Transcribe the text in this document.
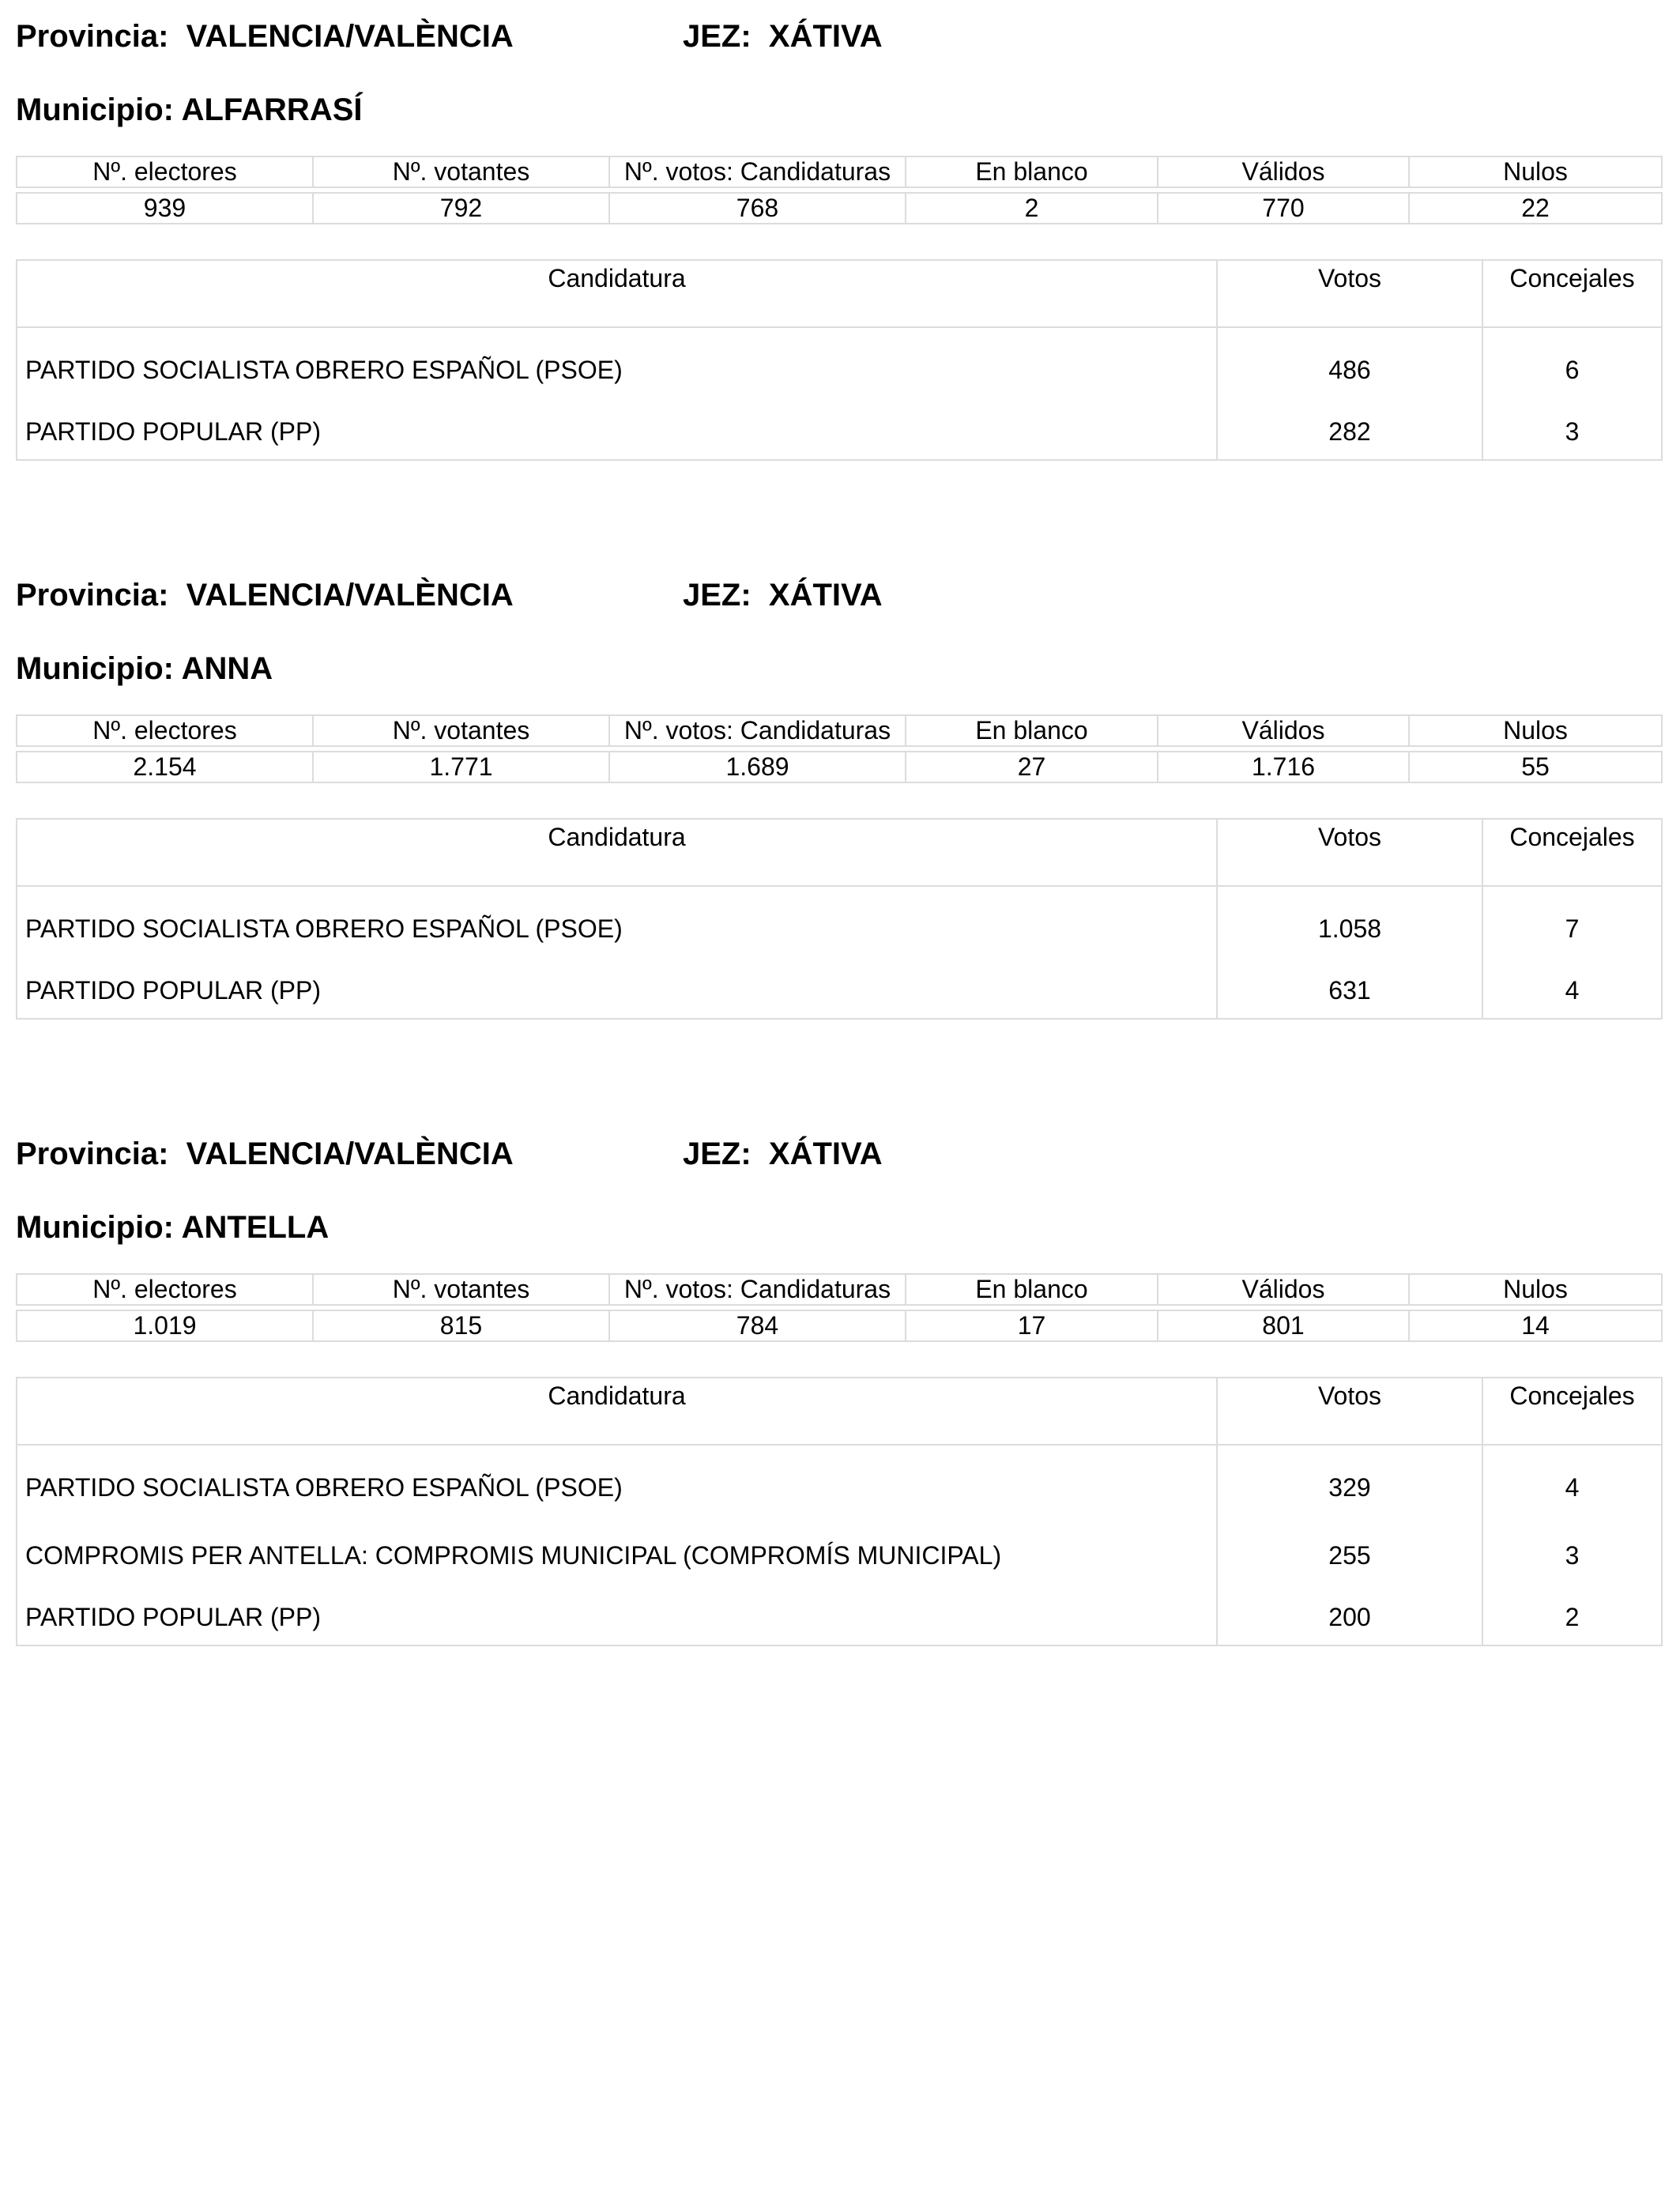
Provincia: VALENCIA/VALÈNCIA	JEZ: XÁTIVA
Municipio: ALFARRASÍ
Nº. electores	Nº. votantes	Nº. votos: Candidaturas	En blanco	Válidos	Nulos

939	792	768	2	770	22
Candidatura	Votos	Concejales
PARTIDO SOCIALISTA OBRERO ESPAÑOL (PSOE)	486	6
PARTIDO POPULAR (PP)	282	3
Provincia: VALENCIA/VALÈNCIA	JEZ: XÁTIVA
Municipio: ANNA
Nº. electores	Nº. votantes	Nº. votos: Candidaturas	En blanco	Válidos	Nulos

2.154	1.771	1.689	27	1.716	55
Candidatura	Votos	Concejales
PARTIDO SOCIALISTA OBRERO ESPAÑOL (PSOE)	1.058	7
PARTIDO POPULAR (PP)	631	4
Provincia: VALENCIA/VALÈNCIA	JEZ: XÁTIVA
Municipio: ANTELLA
Nº. electores	Nº. votantes	Nº. votos: Candidaturas	En blanco	Válidos	Nulos

1.019	815	784	17	801	14
Candidatura	Votos	Concejales
PARTIDO SOCIALISTA OBRERO ESPAÑOL (PSOE)	329	4
COMPROMIS PER ANTELLA: COMPROMIS MUNICIPAL (COMPROMÍS MUNICIPAL)	255	3
PARTIDO POPULAR (PP)	200	2
